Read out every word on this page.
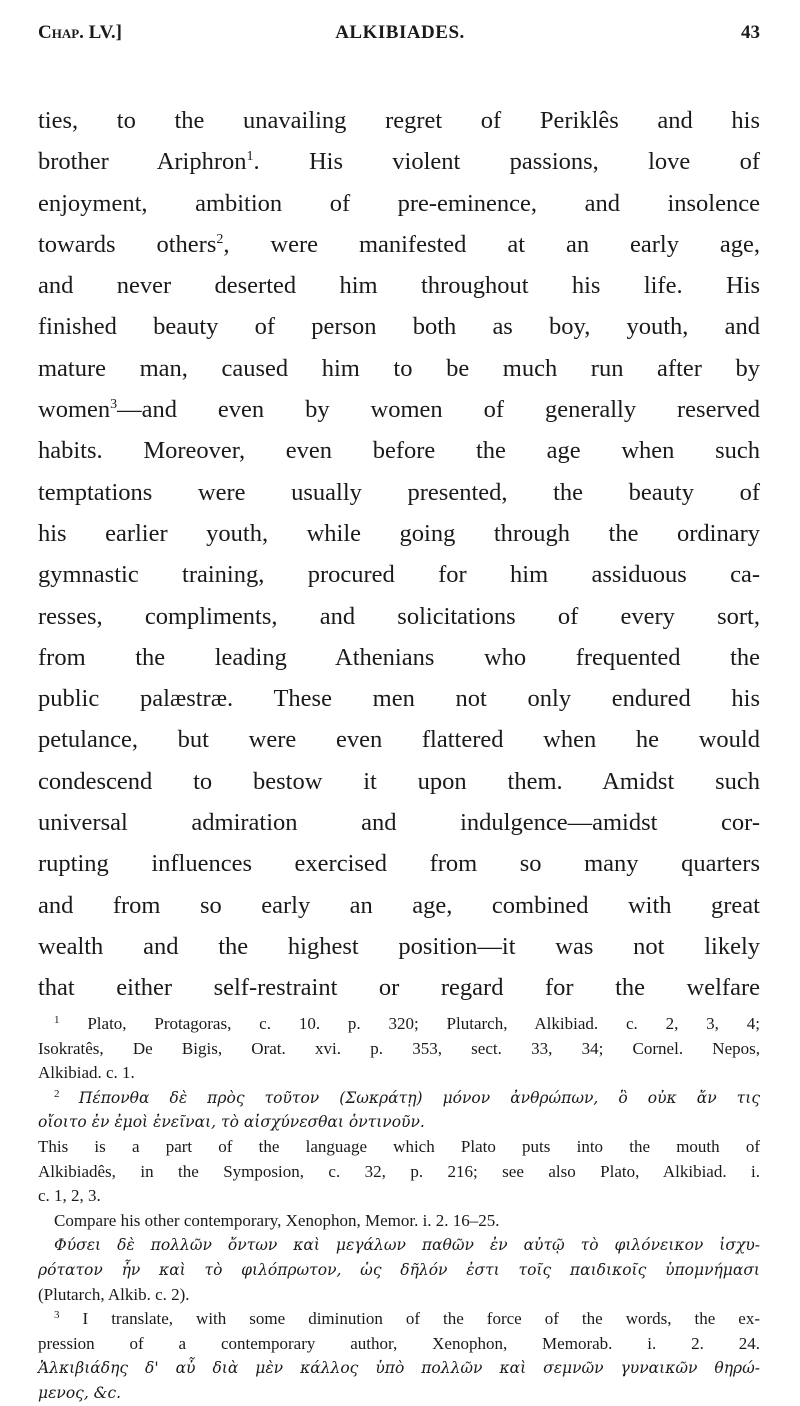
Chap. LV.]	ALKIBIADES.	43

ties, to the unavailing regret of Periklês and his
brother Ariphron$^1$. His violent passions, love of
enjoyment, ambition of pre-eminence, and insolence
towards others$^2$, were manifested at an early age,
and never deserted him throughout his life. His
finished beauty of person both as boy, youth, and
mature man, caused him to be much run after by
women$^3$—and even by women of generally reserved
habits. Moreover, even before the age when such
temptations were usually presented, the beauty of
his earlier youth, while going through the ordinary
gymnastic training, procured for him assiduous ca-
resses, compliments, and solicitations of every sort,
from the leading Athenians who frequented the
public palæstræ. These men not only endured his
petulance, but were even flattered when he would
condescend to bestow it upon them. Amidst such
universal admiration and indulgence—amidst cor-
rupting influences exercised from so many quarters
and from so early an age, combined with great
wealth and the highest position—it was not likely
that either self-restraint or regard for the welfare

$^1$ Plato, Protagoras, c. 10. p. 320; Plutarch, Alkibiad. c. 2, 3, 4;
Isokratês, De Bigis, Orat. xvi. p. 353, sect. 33, 34; Cornel. Nepos,
Alkibiad. c. 1.
$^2$ Πέπονθα δὲ πρὸς τοῦτον (Σωκράτῃ) μόνον ἀνθρώπων, ὃ οὐκ ἄν τις
οἴοιτο ἐν ἐμοὶ ἐνεῖναι, τὸ αἰσχύνεσθαι ὁντινοῦν.
This is a part of the language which Plato puts into the mouth of
Alkibiadês, in the Symposion, c. 32, p. 216; see also Plato, Alkibiad. i.
c. 1, 2, 3.
Compare his other contemporary, Xenophon, Memor. i. 2. 16–25.
Φύσει δὲ πολλῶν ὄντων καὶ μεγάλων παθῶν ἐν αὐτῷ τὸ φιλόνεικον ἰσχυ-
ρότατον ἦν καὶ τὸ φιλόπρωτον, ὡς δῆλόν ἐστι τοῖς παιδικοῖς ὑπομνήμασι
(Plutarch, Alkib. c. 2).
$^3$ I translate, with some diminution of the force of the words, the ex-
pression of a contemporary author, Xenophon, Memorab. i. 2. 24.
Ἀλκιβιάδης δ' αὖ διὰ μὲν κάλλος ὑπὸ πολλῶν καὶ σεμνῶν γυναικῶν θηρώ-
μενος, &c.
